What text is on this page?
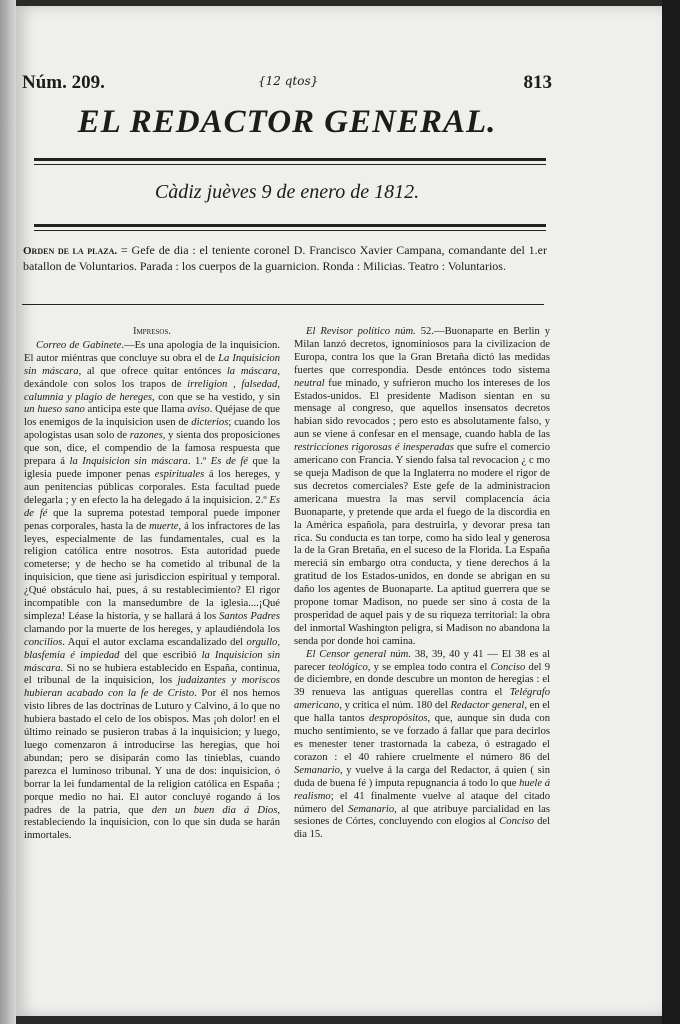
Núm. 209.	{12 qtos}	813
EL REDACTOR GENERAL.
Càdiz juèves 9 de enero de 1812.
Orden de la plaza. = Gefe de dia : el teniente coronel D. Francisco Xavier Campana, comandante del 1.er batallon de Voluntarios. Parada : los cuerpos de la guarnicion. Ronda : Milicias. Teatro : Voluntarios.
Impresos.

Correo de Gabinete.—Es una apologia de la inquisicion. El autor miéntras que concluye su obra el de La Inquisicion sin máscara, al que ofrece quitar entónces la máscara, dexándole con solos los trapos de irreligion , falsedad, calumnia y plagio de hereges, con que se ha vestido, y sin un hueso sano anticipa este que llama aviso. Quéjase de que los enemigos de la inquisicion usen de dicterios; cuando los apologistas usan solo de razones, y sienta dos proposiciones que son, dice, el compendio de la famosa respuesta que prepara á la Inquisicion sin máscara. 1.º Es de fé que la iglesia puede imponer penas espirituales á los hereges, y aun penitencias públicas corporales. Esta facultad puede delegarla ; y en efecto la ha delegado á la inquisicion. 2.º Es de fé que la suprema potestad temporal puede imponer penas corporales, hasta la de muerte, á los infractores de las leyes, especialmente de las fundamentales, cual es la religion católica entre nosotros. Esta autoridad puede cometerse; y de hecho se ha cometido al tribunal de la inquisicion, que tiene asi jurisdiccion espiritual y temporal. ¿Qué obstáculo hai, pues, á su restablecimiento? El rigor incompatible con la mansedumbre de la iglesia....¡Qué simpleza! Léase la historia, y se hallará á los Santos Padres clamando por la muerte de los hereges, y aplaudiéndola los concilios. Aquí el autor exclama escandalizado del orgullo, blasfemia é impiedad del que escribió la Inquisicion sin máscara. Si no se hubiera establecido en España, continua, el tribunal de la inquisicion, los judaizantes y moriscos hubieran acabado con la fe de Cristo. Por él nos hemos visto libres de las doctrinas de Luturo y Calvino, á lo que no hubiera bastado el celo de los obispos. Mas ¡oh dolor! en el último reinado se pusieron trabas á la inquisicion; y luego, luego comenzaron á introducirse las heregias, que hoi abundan; pero se disiparán como las tinieblas, cuando parezca el luminoso tribunal. Y una de dos: inquisicion, ó borrar la lei fundamental de la religion católica en España ; porque medio no hai. El autor concluyé rogando á los padres de la patria, que den un buen dia á Dios, restableciendo la inquisicion, con lo que sin duda se harán inmortales.

El Revisor político núm. 52.—Buonaparte en Berlin y Milan lanzó decretos, ignominiosos para la civilizacion de Europa, contra los que la Gran Bretaña dictó las medidas fuertes que correspondia. Desde entónces todo sistema neutral fue minado, y sufrieron mucho los intereses de los Estados-unidos. El presidente Madison sientan en su mensage al congreso, que aquellos insensatos decretos habian sido revocados ; pero esto es absolutamente falso, y aun se viene á confesar en el mensage, cuando habla de las restricciones rigorosas é inesperadas que sufre el comercio americano con Francia. Y siendo falsa tal revocacion ¿ c mo se queja Madison de que la Inglaterra no modere el rigor de sus decretos comerciales? Este gefe de la administracion americana muestra la mas servil complacencia ácia Buonaparte, y pretende que arda el fuego de la discordia en la América española, para destruirla, y devorar presa tan rica. Su conducta es tan torpe, como ha sido leal y generosa la de la Gran Bretaña, en el suceso de la Florida. La España mereciá sin embargo otra conducta, y tiene derechos á la gratitud de los Estados-unidos, en donde se abrigan en su daño los agentes de Buonaparte. La aptitud guerrera que se propone tomar Madison, no puede ser sino á costa de la prosperidad de aquel pais y de su riqueza territorial: la obra del inmortal Washington peligra, si Madison no abandona la senda por donde hoi camina.

El Censor general núm. 38, 39, 40 y 41 — El 38 es al parecer teológico, y se emplea todo contra el Conciso del 9 de diciembre, en donde descubre un monton de heregias : el 39 renueva las antiguas querellas contra el Telégrafo americano, y critica el núm. 180 del Redactor general, en el que halla tantos despropósitos, que, aunque sin duda con mucho sentimiento, se ve forzado á fallar que para decirlos es menester tener trastornada la cabeza, ó estragado el corazon : el 40 rahiere cruelmente el número 86 del Semanario, y vuelve á la carga del Redactor, á quien ( sin duda de buena fé ) imputa repugnancia á todo lo que huele á realismo; el 41 finalmente vuelve al ataque del citado número del Semanario, al que atribuye parcialidad en las sesiones de Córtes, concluyendo con elogios al Conciso del dia 15.
